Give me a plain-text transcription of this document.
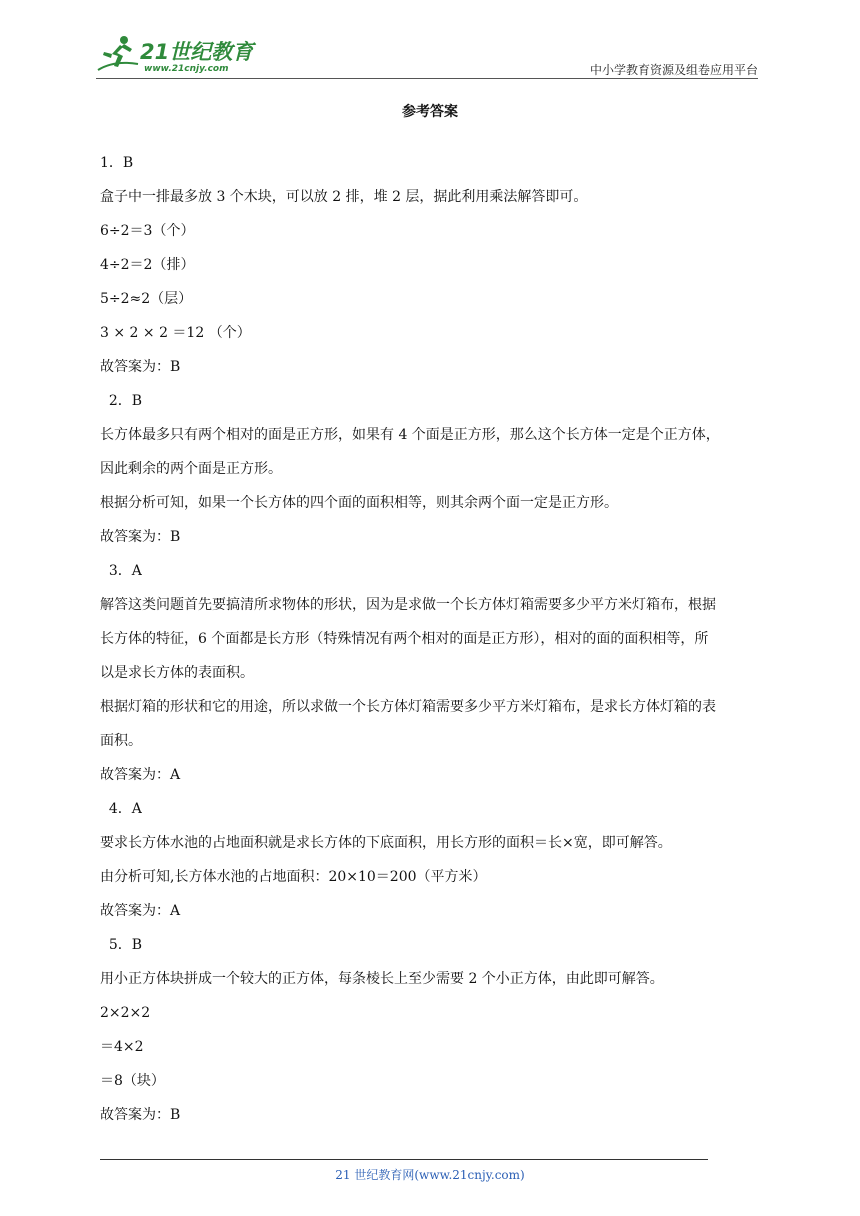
21世纪教育
www.21cnjy.com	中小学教育资源及组卷应用平台
参考答案
1．B
盒子中一排最多放 3 个木块，可以放 2 排，堆 2 层，据此利用乘法解答即可。
6÷2＝3（个）
4÷2＝2（排）
5÷2≈2（层）
3 × 2 × 2 ＝12 （个）
故答案为：B
2．B
长方体最多只有两个相对的面是正方形，如果有 4 个面是正方形，那么这个长方体一定是个正方体，
因此剩余的两个面是正方形。
根据分析可知，如果一个长方体的四个面的面积相等，则其余两个面一定是正方形。
故答案为：B
3．A
解答这类问题首先要搞清所求物体的形状，因为是求做一个长方体灯箱需要多少平方米灯箱布，根据
长方体的特征，6 个面都是长方形（特殊情况有两个相对的面是正方形），相对的面的面积相等，所
以是求长方体的表面积。
根据灯箱的形状和它的用途，所以求做一个长方体灯箱需要多少平方米灯箱布，是求长方体灯箱的表
面积。
故答案为：A
4．A
要求长方体水池的占地面积就是求长方体的下底面积，用长方形的面积＝长×宽，即可解答。
由分析可知,长方体水池的占地面积：20×10＝200（平方米）
故答案为：A
5．B
用小正方体块拼成一个较大的正方体，每条棱长上至少需要 2 个小正方体，由此即可解答。
2×2×2
＝4×2
＝8（块）
故答案为：B
21 世纪教育网(www.21cnjy.com)
